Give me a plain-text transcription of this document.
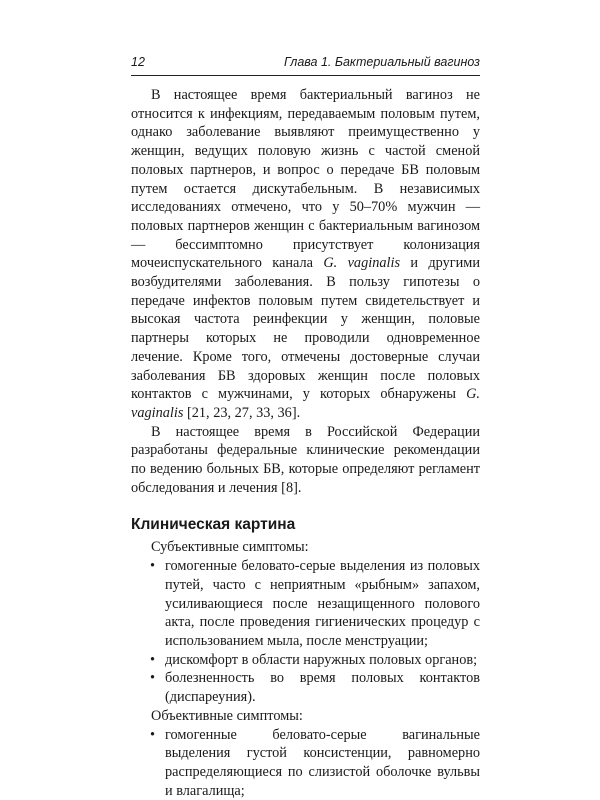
12	Глава 1. Бактериальный вагиноз

В настоящее время бактериальный вагиноз не относится к инфекциям, передаваемым половым путем, однако заболевание выявляют преимущественно у женщин, ведущих половую жизнь с частой сменой половых партнеров, и вопрос о передаче БВ половым путем остается дискутабельным. В независимых исследованиях отмечено, что у 50–70% мужчин — половых партнеров женщин с бактериальным вагинозом — бессимптомно присутствует колонизация мочеиспускательного канала G. vaginalis и другими возбудителями заболевания. В пользу гипотезы о передаче инфектов половым путем свидетельствует и высокая частота реинфекции у женщин, половые партнеры которых не проводили одновременное лечение. Кроме того, отмечены достоверные случаи заболевания БВ здоровых женщин после половых контактов с мужчинами, у которых обнаружены G. vaginalis [21, 23, 27, 33, 36].

В настоящее время в Российской Федерации разработаны федеральные клинические рекомендации по ведению больных БВ, которые определяют регламент обследования и лечения [8].

Клиническая картина
Субъективные симптомы:
• гомогенные беловато-серые выделения из половых путей, часто с неприятным «рыбным» запахом, усиливающиеся после незащищенного полового акта, после проведения гигиенических процедур с использованием мыла, после менструации;
• дискомфорт в области наружных половых органов;
• болезненность во время половых контактов (диспареуния).
Объективные симптомы:
• гомогенные беловато-серые вагинальные выделения густой консистенции, равномерно распределяющиеся по слизистой оболочке вульвы и влагалища;
